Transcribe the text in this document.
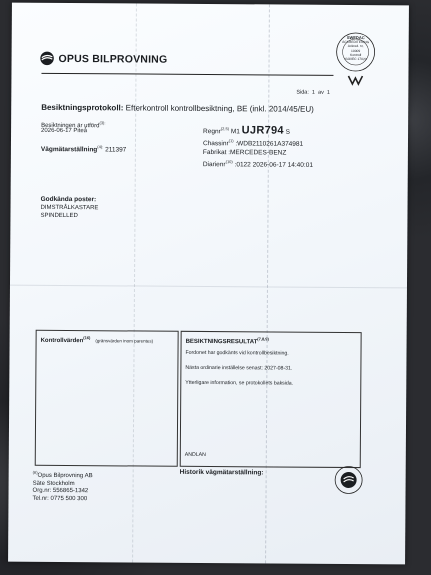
OPUS BILPROVNING
SWEDAC
ACKREDITERING
Ackred. nr.
10009
Kontroll
ISO/IEC 17020
Sida: 1 av 1
Besiktningsprotokoll: Efterkontroll kontrollbesiktning, BE (inkl. 2014/45/EU)
Besiktningen är utförd$^{(3):}$
2026-06-17 Piteå
Vägmätarställning$^{(4):}$ 211397
Regnr$^{(2,5)}$ M1 UJR794 S
Chassinr$^{(1)}$ :WDB2110261A374981
Fabrikat :MERCEDES-BENZ
Diarienr$^{(10)}$ :0122 2026-06-17 14:40:01
Godkända poster:
DIMSTRÅLKASTARE
SPINDELLED
Kontrollvärden$^{(16)}$   (gränsvärden inom parentes)	BESIKTNINGSRESULTAT$^{(7,8,9)}$
Fordonet har godkänts vid kontrollbesiktning.
Nästa ordinarie inställelse senast: 2027-08-31.
Ytterligare information, se protokollets baksida.
ANDLAN
$^{(6)}$Opus Bilprovning AB
Säte Stockholm
Org.nr: 556865-1342
Tel.nr: 0775 500 300
Historik vägmätarställning:
